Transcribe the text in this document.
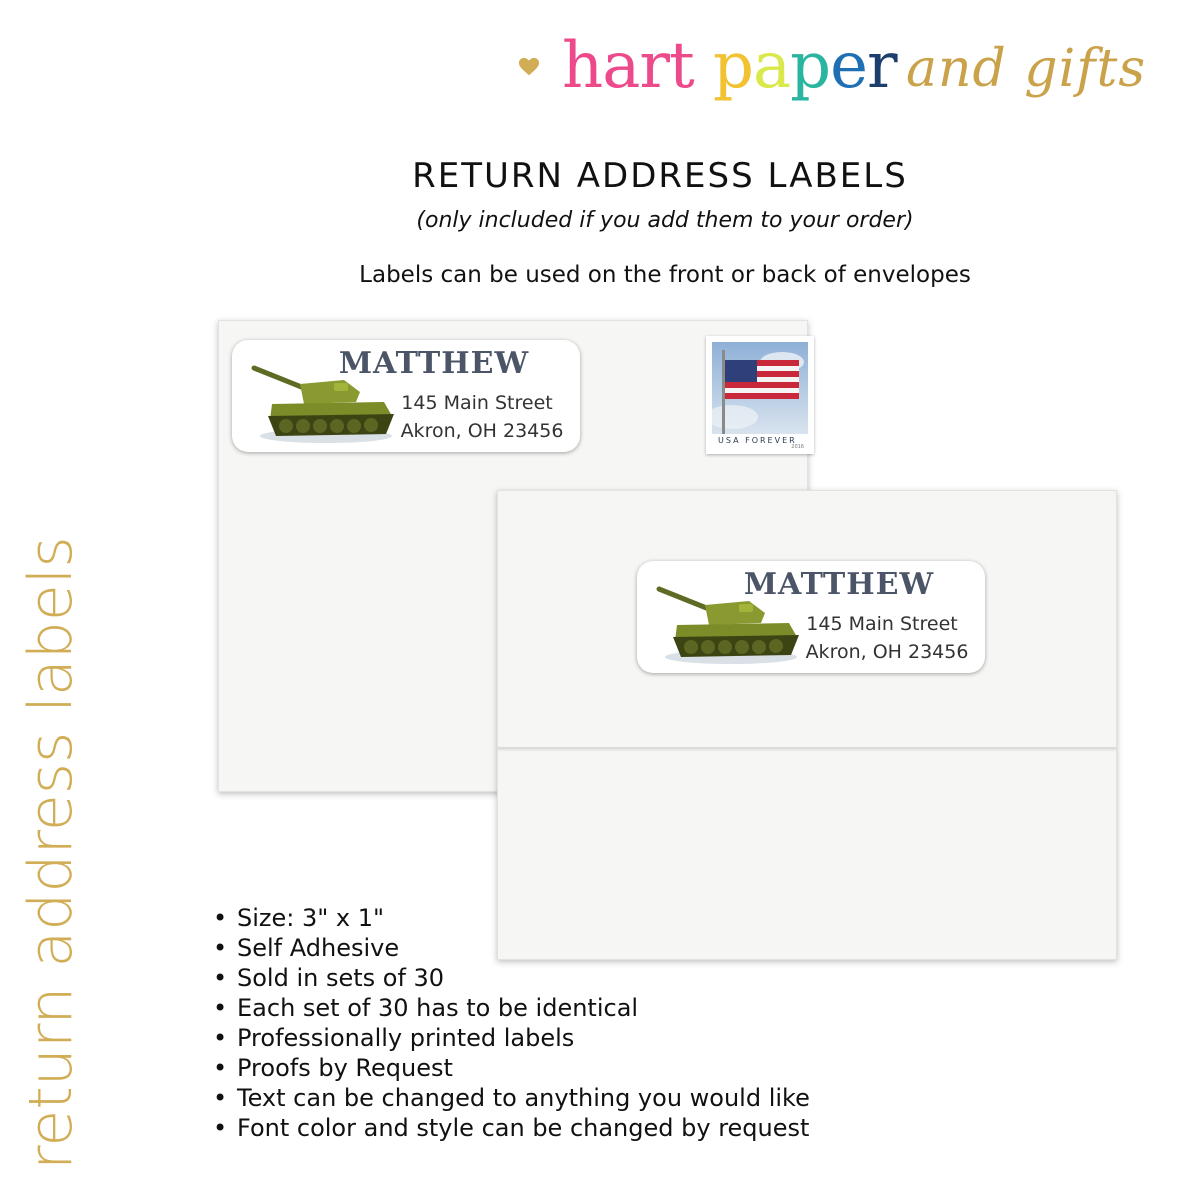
hart paper and gifts
RETURN ADDRESS LABELS
(only included if you add them to your order)
Labels can be used on the front or back of envelopes
USA FOREVER
2016
MATTHEW
145 Main Street
Akron, OH 23456
MATTHEW
145 Main Street
Akron, OH 23456
return address labels	• Size: 3" x 1"
• Self Adhesive
• Sold in sets of 30
• Each set of 30 has to be identical
• Professionally printed labels
• Proofs by Request
• Text can be changed to anything you would like
• Font color and style can be changed by request
